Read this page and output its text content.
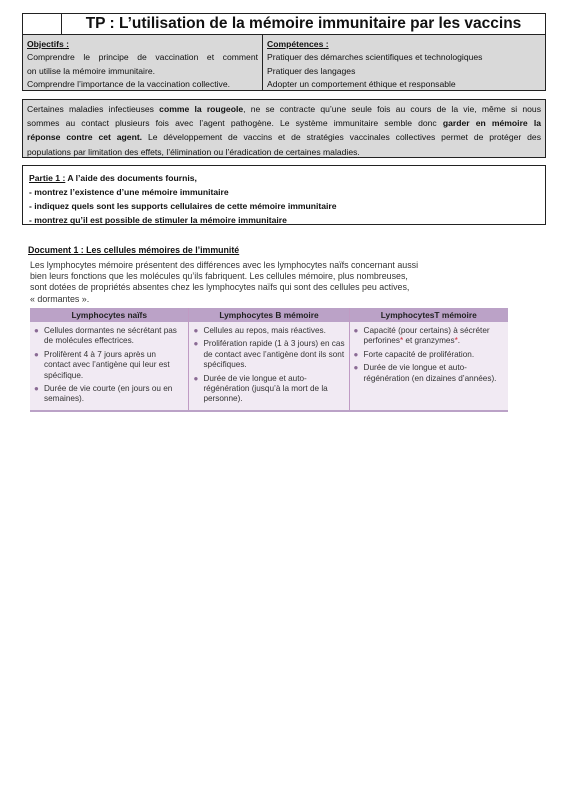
TP : L’utilisation de la mémoire immunitaire par les vaccins
Objectifs :
Comprendre le principe de vaccination et comment
on utilise la mémoire immunitaire.
Comprendre l’importance de la vaccination collective.
Compétences :
Pratiquer des démarches scientifiques et technologiques
Pratiquer des langages
Adopter un comportement éthique et responsable
Certaines maladies infectieuses comme la rougeole, ne se contracte qu’une seule fois au cours de la vie, même si nous
sommes au contact plusieurs fois avec l’agent pathogène. Le système immunitaire semble donc garder en mémoire la
réponse contre cet agent. Le développement de vaccins et de stratégies vaccinales collectives permet de protéger des
populations par limitation des effets, l’élimination ou l’éradication de certaines maladies.
Partie 1 : A l’aide des documents fournis,
- montrez l’existence d’une mémoire immunitaire
- indiquez quels sont les supports cellulaires de cette mémoire immunitaire
- montrez qu’il est possible de stimuler la mémoire immunitaire
Document 1 : Les cellules mémoires de l’immunité
Les lymphocytes mémoire présentent des différences avec les lymphocytes naïfs concernant aussi
bien leurs fonctions que les molécules qu’ils fabriquent. Les cellules mémoire, plus nombreuses,
sont dotées de propriétés absentes chez les lymphocytes naïfs qui sont des cellules peu actives,
« dormantes ».
Lymphocytes naïfs
● Cellules dormantes ne sécrétant pas
de molécules effectrices.
● Prolifèrent 4 à 7 jours après un
contact avec l’antigène qui leur est
spécifique.
● Durée de vie courte (en jours ou en
semaines).
Lymphocytes B mémoire
● Cellules au repos, mais réactives.
● Prolifération rapide (1 à 3 jours) en cas
de contact avec l’antigène dont ils sont
spécifiques.
● Durée de vie longue et auto-
régénération (jusqu’à la mort de la
personne).
LymphocytesT mémoire
● Capacité (pour certains) à sécréter
perforines* et granzymes*.
● Forte capacité de prolifération.
● Durée de vie longue et auto-
régénération (en dizaines d’années).
